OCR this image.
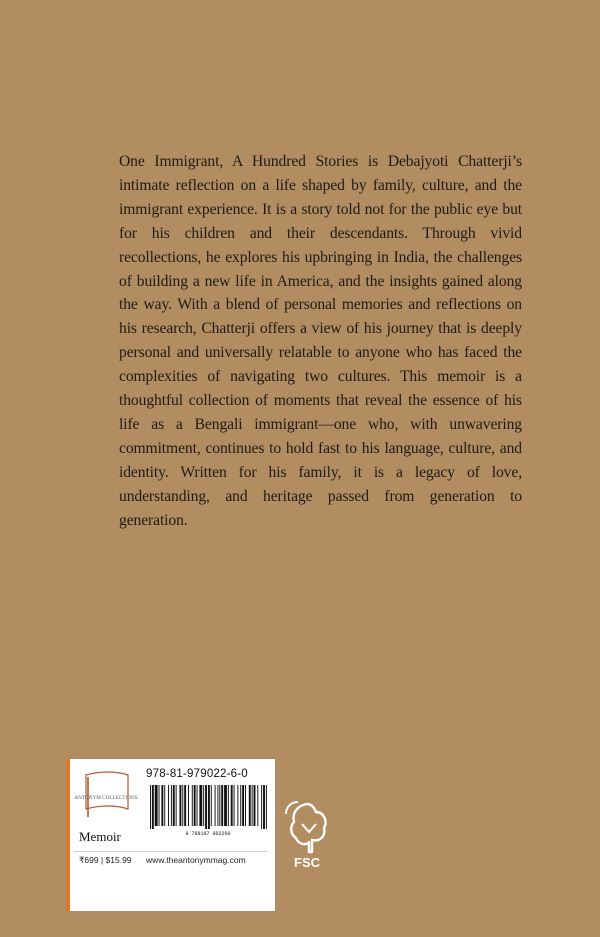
One Immigrant, A Hundred Stories is Debajyoti Chatterji’s intimate reflection on a life shaped by family, culture, and the immigrant experience. It is a story told not for the public eye but for his children and their descendants. Through vivid recollections, he explores his upbringing in India, the challenges of building a new life in America, and the insights gained along the way. With a blend of personal memories and reflections on his research, Chatterji offers a view of his journey that is deeply personal and universally relatable to anyone who has faced the complexities of navigating two cultures. This memoir is a thoughtful collection of moments that reveal the essence of his life as a Bengali immigrant—one who, with unwavering commitment, continues to hold fast to his language, culture, and identity. Written for his family, it is a legacy of love, understanding, and heritage passed from generation to generation.

ANTONYM COLLECTIONS
978-81-979022-6-0
9 788197 902260
Memoir
₹699 | $15.99 www.theantonymmag.com	FSC
